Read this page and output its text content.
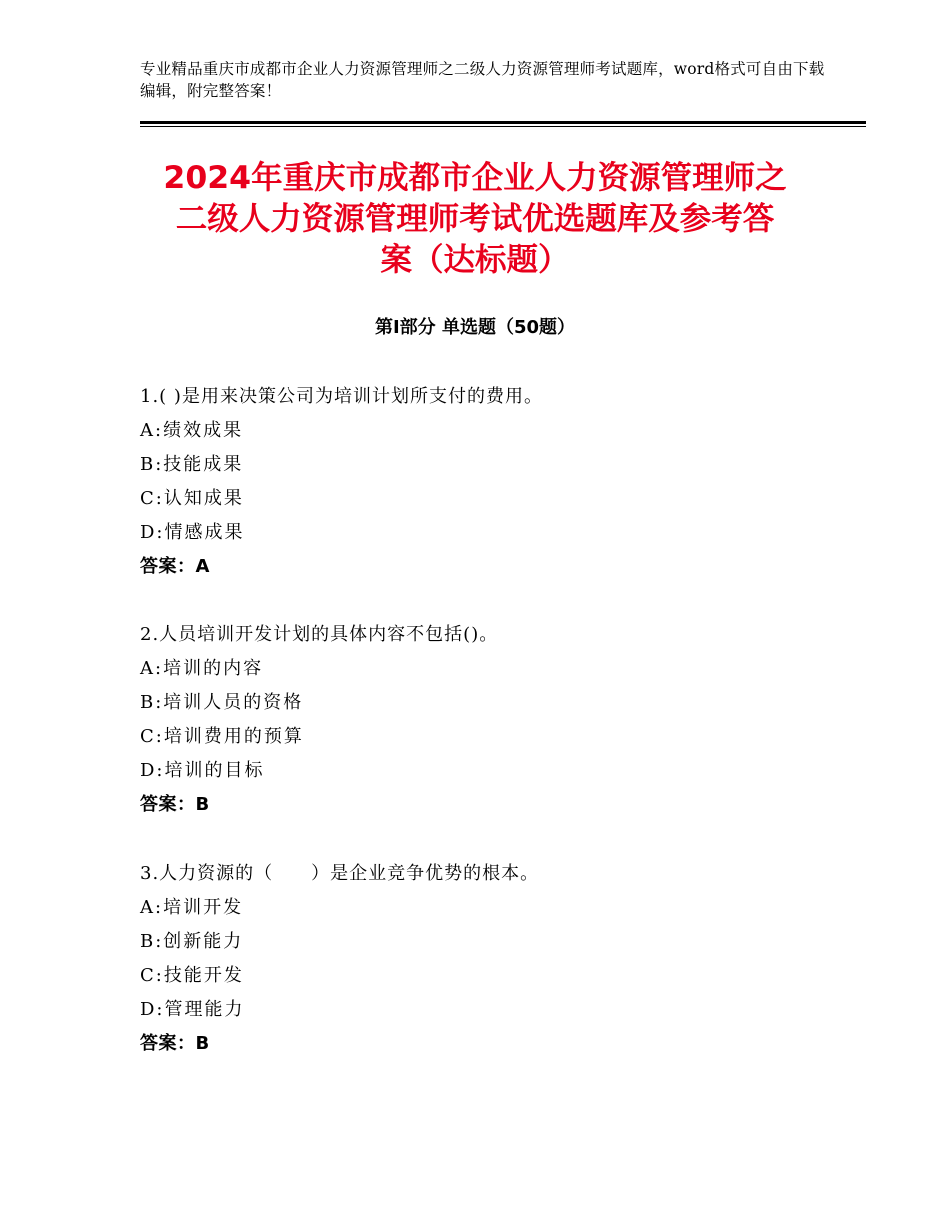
专业精品重庆市成都市企业人力资源管理师之二级人力资源管理师考试题库，word格式可自由下载编辑，附完整答案！
2024年重庆市成都市企业人力资源管理师之
二级人力资源管理师考试优选题库及参考答
案（达标题）
第Ⅰ部分 单选题（50题）
1.( )是用来决策公司为培训计划所支付的费用。
A:绩效成果
B:技能成果
C:认知成果
D:情感成果
答案：A
2.人员培训开发计划的具体内容不包括()。
A:培训的内容
B:培训人员的资格
C:培训费用的预算
D:培训的目标
答案：B
3.人力资源的（　　）是企业竞争优势的根本。
A:培训开发
B:创新能力
C:技能开发
D:管理能力
答案：B
